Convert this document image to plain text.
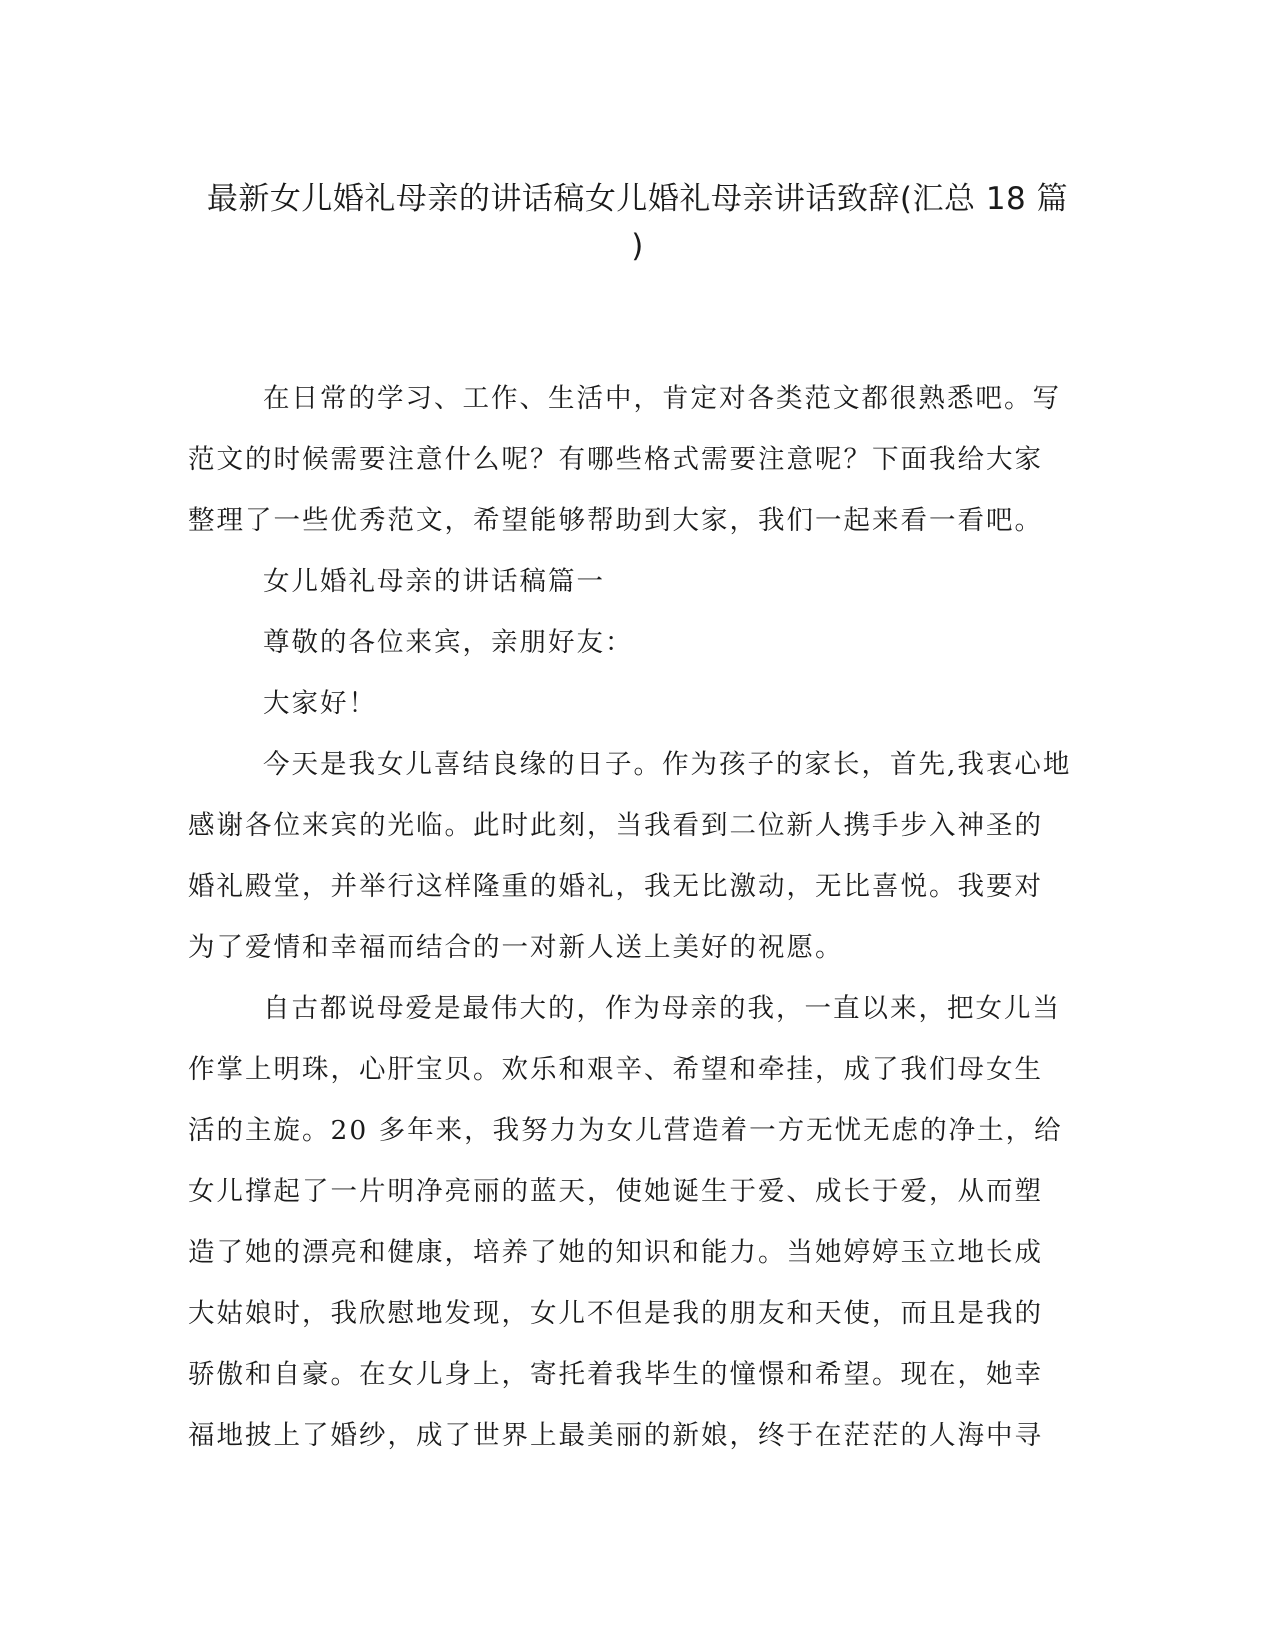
最新女儿婚礼母亲的讲话稿女儿婚礼母亲讲话致辞(汇总 18 篇
)

在日常的学习、工作、生活中，肯定对各类范文都很熟悉吧。写
范文的时候需要注意什么呢？有哪些格式需要注意呢？下面我给大家
整理了一些优秀范文，希望能够帮助到大家，我们一起来看一看吧。

女儿婚礼母亲的讲话稿篇一

尊敬的各位来宾，亲朋好友：

大家好！

今天是我女儿喜结良缘的日子。作为孩子的家长，首先,我衷心地
感谢各位来宾的光临。此时此刻，当我看到二位新人携手步入神圣的
婚礼殿堂，并举行这样隆重的婚礼，我无比激动，无比喜悦。我要对
为了爱情和幸福而结合的一对新人送上美好的祝愿。

自古都说母爱是最伟大的，作为母亲的我，一直以来，把女儿当
作掌上明珠，心肝宝贝。欢乐和艰辛、希望和牵挂，成了我们母女生
活的主旋。20 多年来，我努力为女儿营造着一方无忧无虑的净土，给
女儿撑起了一片明净亮丽的蓝天，使她诞生于爱、成长于爱，从而塑
造了她的漂亮和健康，培养了她的知识和能力。当她婷婷玉立地长成
大姑娘时，我欣慰地发现，女儿不但是我的朋友和天使，而且是我的
骄傲和自豪。在女儿身上，寄托着我毕生的憧憬和希望。现在，她幸
福地披上了婚纱，成了世界上最美丽的新娘，终于在茫茫的人海中寻
